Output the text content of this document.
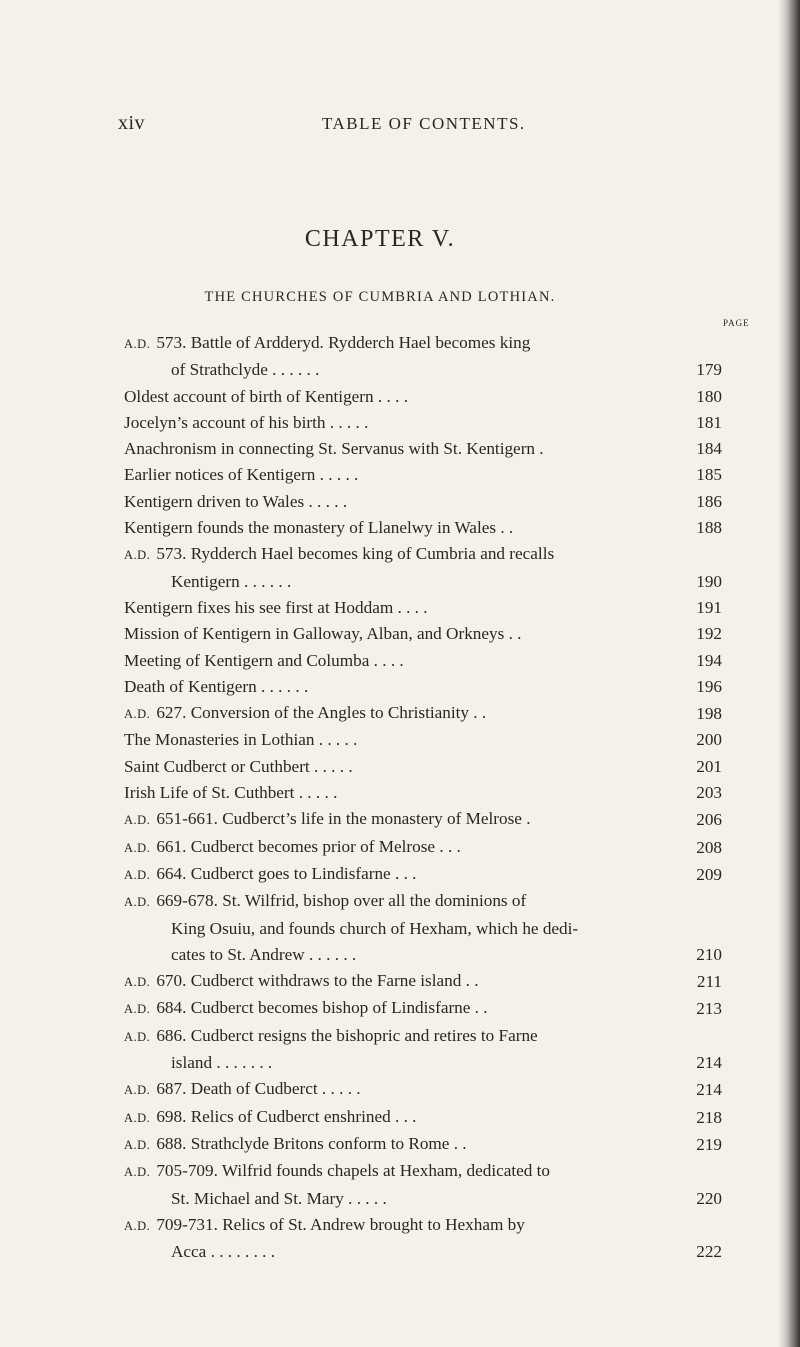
xiv	TABLE OF CONTENTS.
CHAPTER V.
THE CHURCHES OF CUMBRIA AND LOTHIAN.
PAGE
A.D. 573. Battle of Ardderyd. Rydderch Hael becomes king
of Strathclyde . . . . . .	179
Oldest account of birth of Kentigern . . . .	180
Jocelyn’s account of his birth . . . . .	181
Anachronism in connecting St. Servanus with St. Kentigern .	184
Earlier notices of Kentigern . . . . .	185
Kentigern driven to Wales . . . . .	186
Kentigern founds the monastery of Llanelwy in Wales . .	188
A.D. 573. Rydderch Hael becomes king of Cumbria and recalls
Kentigern . . . . . .	190
Kentigern fixes his see first at Hoddam . . . .	191
Mission of Kentigern in Galloway, Alban, and Orkneys . .	192
Meeting of Kentigern and Columba . . . .	194
Death of Kentigern . . . . . .	196
A.D. 627. Conversion of the Angles to Christianity . .	198
The Monasteries in Lothian . . . . .	200
Saint Cudberct or Cuthbert . . . . .	201
Irish Life of St. Cuthbert . . . . .	203
A.D. 651-661. Cudberct’s life in the monastery of Melrose .	206
A.D. 661. Cudberct becomes prior of Melrose . . .	208
A.D. 664. Cudberct goes to Lindisfarne . . .	209
A.D. 669-678. St. Wilfrid, bishop over all the dominions of
King Osuiu, and founds church of Hexham, which he dedi-
cates to St. Andrew . . . . . .	210
A.D. 670. Cudberct withdraws to the Farne island . .	211
A.D. 684. Cudberct becomes bishop of Lindisfarne . .	213
A.D. 686. Cudberct resigns the bishopric and retires to Farne
island . . . . . . .	214
A.D. 687. Death of Cudberct . . . . .	214
A.D. 698. Relics of Cudberct enshrined . . .	218
A.D. 688. Strathclyde Britons conform to Rome . .	219
A.D. 705-709. Wilfrid founds chapels at Hexham, dedicated to
St. Michael and St. Mary . . . . .	220
A.D. 709-731. Relics of St. Andrew brought to Hexham by
Acca . . . . . . . .	222
